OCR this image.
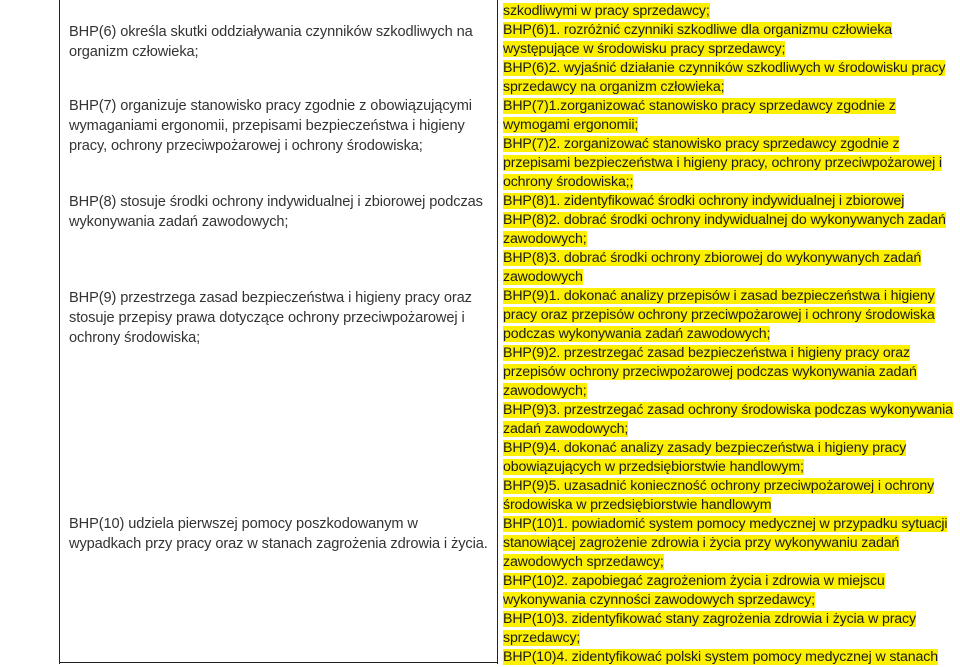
BHP(6) określa skutki oddziaływania czynników szkodliwych na organizm człowieka;
BHP(7) organizuje stanowisko pracy zgodnie z obowiązującymi wymaganiami ergonomii, przepisami bezpieczeństwa i higieny pracy, ochrony przeciwpożarowej i ochrony środowiska;
BHP(8) stosuje środki ochrony indywidualnej i zbiorowej podczas wykonywania zadań zawodowych;
BHP(9) przestrzega zasad bezpieczeństwa i higieny pracy oraz stosuje przepisy prawa dotyczące ochrony przeciwpożarowej i ochrony środowiska;
BHP(10) udziela pierwszej pomocy poszkodowanym w wypadkach przy pracy oraz w stanach zagrożenia zdrowia i życia.
szkodliwymi w pracy sprzedawcy;
BHP(6)1. rozróżnić czynniki szkodliwe dla organizmu człowieka
występujące w środowisku pracy sprzedawcy;
BHP(6)2. wyjaśnić działanie czynników szkodliwych w środowisku pracy
sprzedawcy na organizm człowieka;
BHP(7)1.zorganizować stanowisko pracy sprzedawcy zgodnie z
wymogami ergonomii;
BHP(7)2. zorganizować stanowisko pracy sprzedawcy zgodnie z
przepisami bezpieczeństwa i higieny pracy, ochrony przeciwpożarowej i
ochrony środowiska;;
BHP(8)1. zidentyfikować środki ochrony indywidualnej i zbiorowej
BHP(8)2. dobrać środki ochrony indywidualnej do wykonywanych zadań
zawodowych;
BHP(8)3. dobrać środki ochrony zbiorowej do wykonywanych zadań
zawodowych
BHP(9)1. dokonać analizy przepisów i zasad bezpieczeństwa i higieny
pracy oraz przepisów ochrony przeciwpożarowej i ochrony środowiska
podczas wykonywania zadań zawodowych;
BHP(9)2. przestrzegać zasad bezpieczeństwa i higieny pracy oraz
przepisów ochrony przeciwpożarowej podczas wykonywania zadań
zawodowych;
BHP(9)3. przestrzegać zasad ochrony środowiska podczas wykonywania
zadań zawodowych;
BHP(9)4. dokonać analizy zasady bezpieczeństwa i higieny pracy
obowiązujących w przedsiębiorstwie handlowym;
BHP(9)5. uzasadnić konieczność ochrony przeciwpożarowej i ochrony
środowiska w przedsiębiorstwie handlowym
BHP(10)1. powiadomić system pomocy medycznej w przypadku sytuacji
stanowiącej zagrożenie zdrowia i życia przy wykonywaniu zadań
zawodowych sprzedawcy;
BHP(10)2. zapobiegać zagrożeniom życia i zdrowia w miejscu
wykonywania czynności zawodowych sprzedawcy;
BHP(10)3. zidentyfikować stany zagrożenia zdrowia i życia w pracy
sprzedawcy;
BHP(10)4. zidentyfikować polski system pomocy medycznej w stanach
